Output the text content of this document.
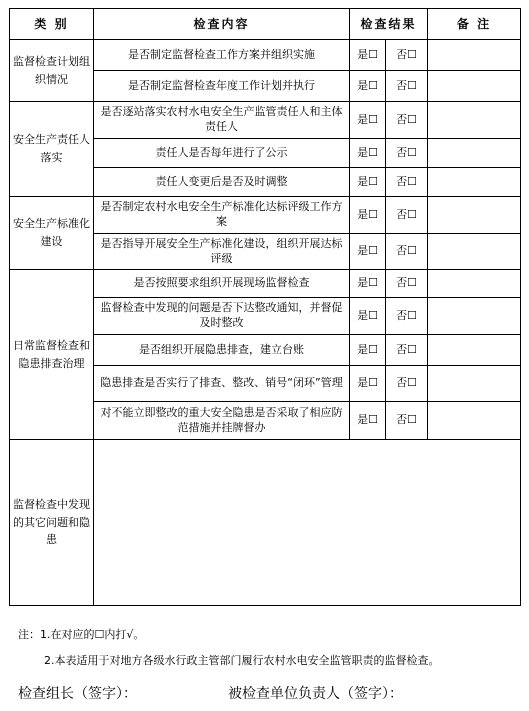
类 别	检查内容	检查结果		备 注
监督检查计划组织情况	是否制定监督检查工作方案并组织实施	是☐	否☐	
	是否制定监督检查年度工作计划并执行	是☐	否☐	
安全生产责任人落实	是否逐站落实农村水电安全生产监管责任人和主体责任人	是☐	否☐	
	责任人是否每年进行了公示	是☐	否☐	
	责任人变更后是否及时调整	是☐	否☐	
安全生产标准化建设	是否制定农村水电安全生产标准化达标评级工作方案	是☐	否☐	
	是否指导开展安全生产标准化建设，组织开展达标评级	是☐	否☐	
日常监督检查和隐患排查治理	是否按照要求组织开展现场监督检查	是☐	否☐	
	监督检查中发现的问题是否下达整改通知，并督促及时整改	是☐	否☐	
	是否组织开展隐患排查，建立台账	是☐	否☐	
	隐患排查是否实行了排查、整改、销号“闭环”管理	是☐	否☐	
	对不能立即整改的重大安全隐患是否采取了相应防范措施并挂牌督办	是☐	否☐	
监督检查中发现的其它问题和隐患				
注：1.在对应的☐内打√。
2.本表适用于对地方各级水行政主管部门履行农村水电安全监管职责的监督检查。
检查组长（签字）：	被检查单位负责人（签字）：
